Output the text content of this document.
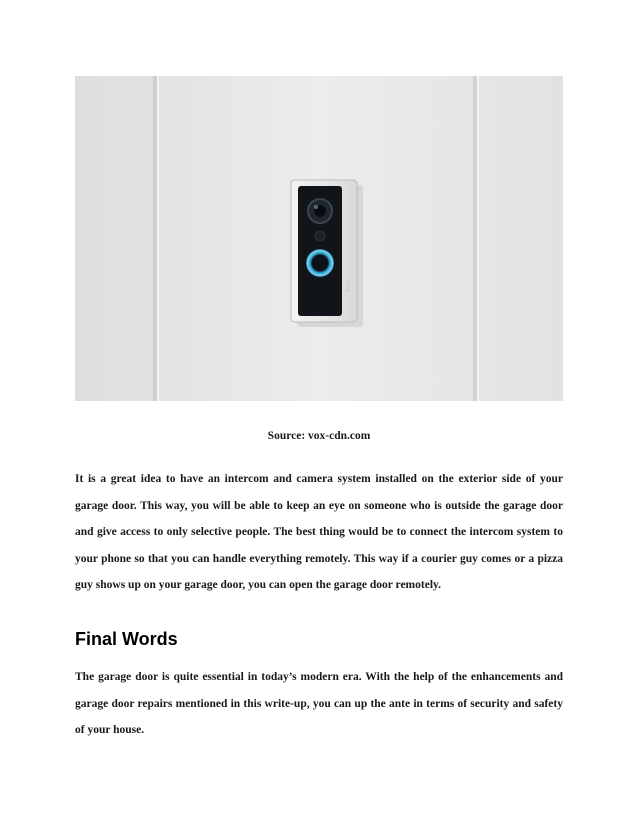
ring
Source: vox-cdn.com

It is a great idea to have an intercom and camera system installed on the exterior side of your garage door. This way, you will be able to keep an eye on someone who is outside the garage door and give access to only selective people. The best thing would be to connect the intercom system to your phone so that you can handle everything remotely. This way if a courier guy comes or a pizza guy shows up on your garage door, you can open the garage door remotely.

Final Words

The garage door is quite essential in today’s modern era. With the help of the enhancements and garage door repairs mentioned in this write-up, you can up the ante in terms of security and safety of your house.
